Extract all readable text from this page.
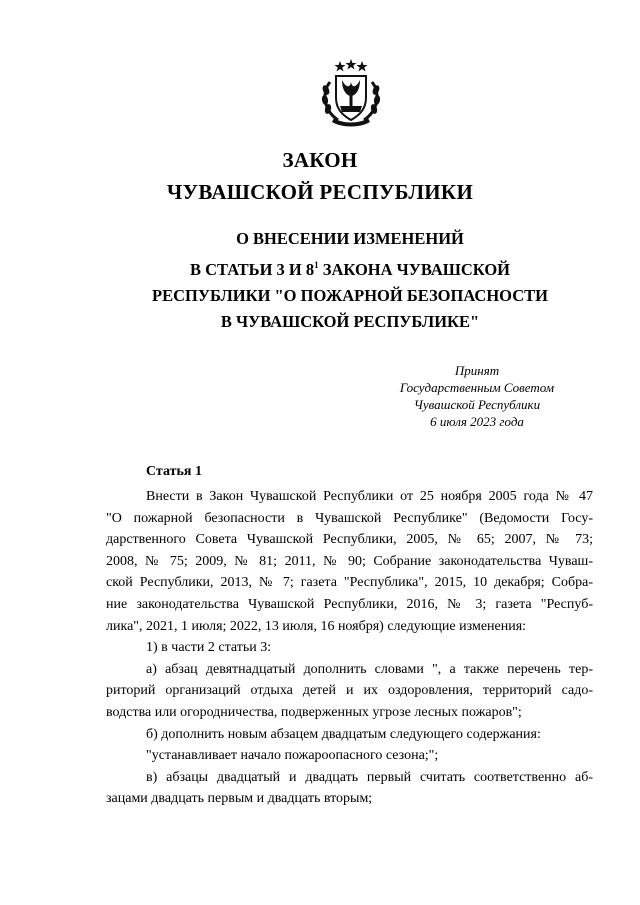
ЗАКОН
ЧУВАШСКОЙ РЕСПУБЛИКИ
О ВНЕСЕНИИ ИЗМЕНЕНИЙ
В СТАТЬИ 3 И $8^1$ ЗАКОНА ЧУВАШСКОЙ
РЕСПУБЛИКИ "О ПОЖАРНОЙ БЕЗОПАСНОСТИ
В ЧУВАШСКОЙ РЕСПУБЛИКЕ"
Принят
Государственным Советом
Чувашской Республики
6 июля 2023 года
Статья 1
Внести в Закон Чувашской Республики от 25 ноября 2005 года № 47
"О пожарной безопасности в Чувашской Республике" (Ведомости Госу-
дарственного Совета Чувашской Республики, 2005, № 65; 2007, № 73;
2008, № 75; 2009, № 81; 2011, № 90; Собрание законодательства Чуваш-
ской Республики, 2013, № 7; газета "Республика", 2015, 10 декабря; Собра-
ние законодательства Чувашской Республики, 2016, № 3; газета "Респуб-
лика", 2021, 1 июля; 2022, 13 июля, 16 ноября) следующие изменения:
1) в части 2 статьи 3:
а) абзац девятнадцатый дополнить словами ", а также перечень тер-
риторий организаций отдыха детей и их оздоровления, территорий садо-
водства или огородничества, подверженных угрозе лесных пожаров";
б) дополнить новым абзацем двадцатым следующего содержания:
"устанавливает начало пожароопасного сезона;";
в) абзацы двадцатый и двадцать первый считать соответственно аб-
зацами двадцать первым и двадцать вторым;
